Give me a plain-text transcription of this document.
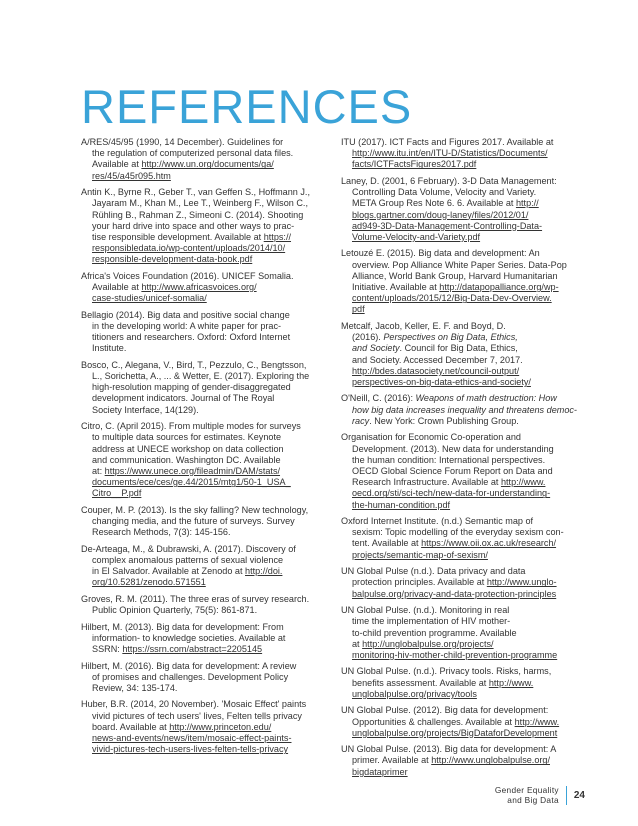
REFERENCES
A/RES/45/95 (1990, 14 December). Guidelines for
the regulation of computerized personal data files.
Available at http://www.un.org/documents/ga/
res/45/a45r095.htm
Antin K., Byrne R., Geber T., van Geffen S., Hoffmann J.,
Jayaram M., Khan M., Lee T., Weinberg F., Wilson C.,
Rühling B., Rahman Z., Simeoni C. (2014). Shooting
your hard drive into space and other ways to prac-
tise responsible development. Available at https://
responsibledata.io/wp-content/uploads/2014/10/
responsible-development-data-book.pdf
Africa's Voices Foundation (2016). UNICEF Somalia.
Available at http://www.africasvoices.org/
case-studies/unicef-somalia/
Bellagio (2014). Big data and positive social change
in the developing world: A white paper for prac-
titioners and researchers. Oxford: Oxford Internet
Institute.
Bosco, C., Alegana, V., Bird, T., Pezzulo, C., Bengtsson,
L., Sorichetta, A., ... & Wetter, E. (2017). Exploring the
high-resolution mapping of gender-disaggregated
development indicators. Journal of The Royal
Society Interface, 14(129).
Citro, C. (April 2015). From multiple modes for surveys
to multiple data sources for estimates. Keynote
address at UNECE workshop on data collection
and communication. Washington DC. Available
at: https://www.unece.org/fileadmin/DAM/stats/
documents/ece/ces/ge.44/2015/mtg1/50-1_USA_
Citro__P.pdf
Couper, M. P. (2013). Is the sky falling? New technology,
changing media, and the future of surveys. Survey
Research Methods, 7(3): 145-156.
De-Arteaga, M., & Dubrawski, A. (2017). Discovery of
complex anomalous patterns of sexual violence
in El Salvador. Available at Zenodo at http://doi.
org/10.5281/zenodo.571551
Groves, R. M. (2011). The three eras of survey research.
Public Opinion Quarterly, 75(5): 861-871.
Hilbert, M. (2013). Big data for development: From
information- to knowledge societies. Available at
SSRN: https://ssrn.com/abstract=2205145
Hilbert, M. (2016). Big data for development: A review
of promises and challenges. Development Policy
Review, 34: 135-174.
Huber, B.R. (2014, 20 November). 'Mosaic Effect' paints
vivid pictures of tech users' lives, Felten tells privacy
board. Available at http://www.princeton.edu/
news-and-events/news/item/mosaic-effect-paints-
vivid-pictures-tech-users-lives-felten-tells-privacy
ITU (2017). ICT Facts and Figures 2017. Available at
http://www.itu.int/en/ITU-D/Statistics/Documents/
facts/ICTFactsFigures2017.pdf
Laney, D. (2001, 6 February). 3-D Data Management:
Controlling Data Volume, Velocity and Variety.
META Group Res Note 6. 6. Available at http://
blogs.gartner.com/doug-laney/files/2012/01/
ad949-3D-Data-Management-Controlling-Data-
Volume-Velocity-and-Variety.pdf
Letouzé E. (2015). Big data and development: An
overview. Pop Alliance White Paper Series. Data-Pop
Alliance, World Bank Group, Harvard Humanitarian
Initiative. Available at http://datapopalliance.org/wp-
content/uploads/2015/12/Big-Data-Dev-Overview.
pdf
Metcalf, Jacob, Keller, E. F. and Boyd, D.
(2016). Perspectives on Big Data, Ethics,
and Society. Council for Big Data, Ethics,
and Society. Accessed December 7, 2017.
http://bdes.datasociety.net/council-output/
perspectives-on-big-data-ethics-and-society/
O'Neill, C. (2016): Weapons of math destruction: How
how big data increases inequality and threatens democ-
racy. New York: Crown Publishing Group.
Organisation for Economic Co-operation and
Development. (2013). New data for understanding
the human condition: International perspectives.
OECD Global Science Forum Report on Data and
Research Infrastructure. Available at http://www.
oecd.org/sti/sci-tech/new-data-for-understanding-
the-human-condition.pdf
Oxford Internet Institute. (n.d.) Semantic map of
sexism: Topic modelling of the everyday sexism con-
tent. Available at https://www.oii.ox.ac.uk/research/
projects/semantic-map-of-sexism/
UN Global Pulse (n.d.). Data privacy and data
protection principles. Available at http://www.unglo-
balpulse.org/privacy-and-data-protection-principles
UN Global Pulse. (n.d.). Monitoring in real
time the implementation of HIV mother-
to-child prevention programme. Available
at http://unglobalpulse.org/projects/
monitoring-hiv-mother-child-prevention-programme
UN Global Pulse. (n.d.). Privacy tools. Risks, harms,
benefits assessment. Available at http://www.
unglobalpulse.org/privacy/tools
UN Global Pulse. (2012). Big data for development:
Opportunities & challenges. Available at http://www.
unglobalpulse.org/projects/BigDataforDevelopment
UN Global Pulse. (2013). Big data for development: A
primer. Available at http://www.unglobalpulse.org/
bigdataprimer
Gender Equality
and Big Data	24
